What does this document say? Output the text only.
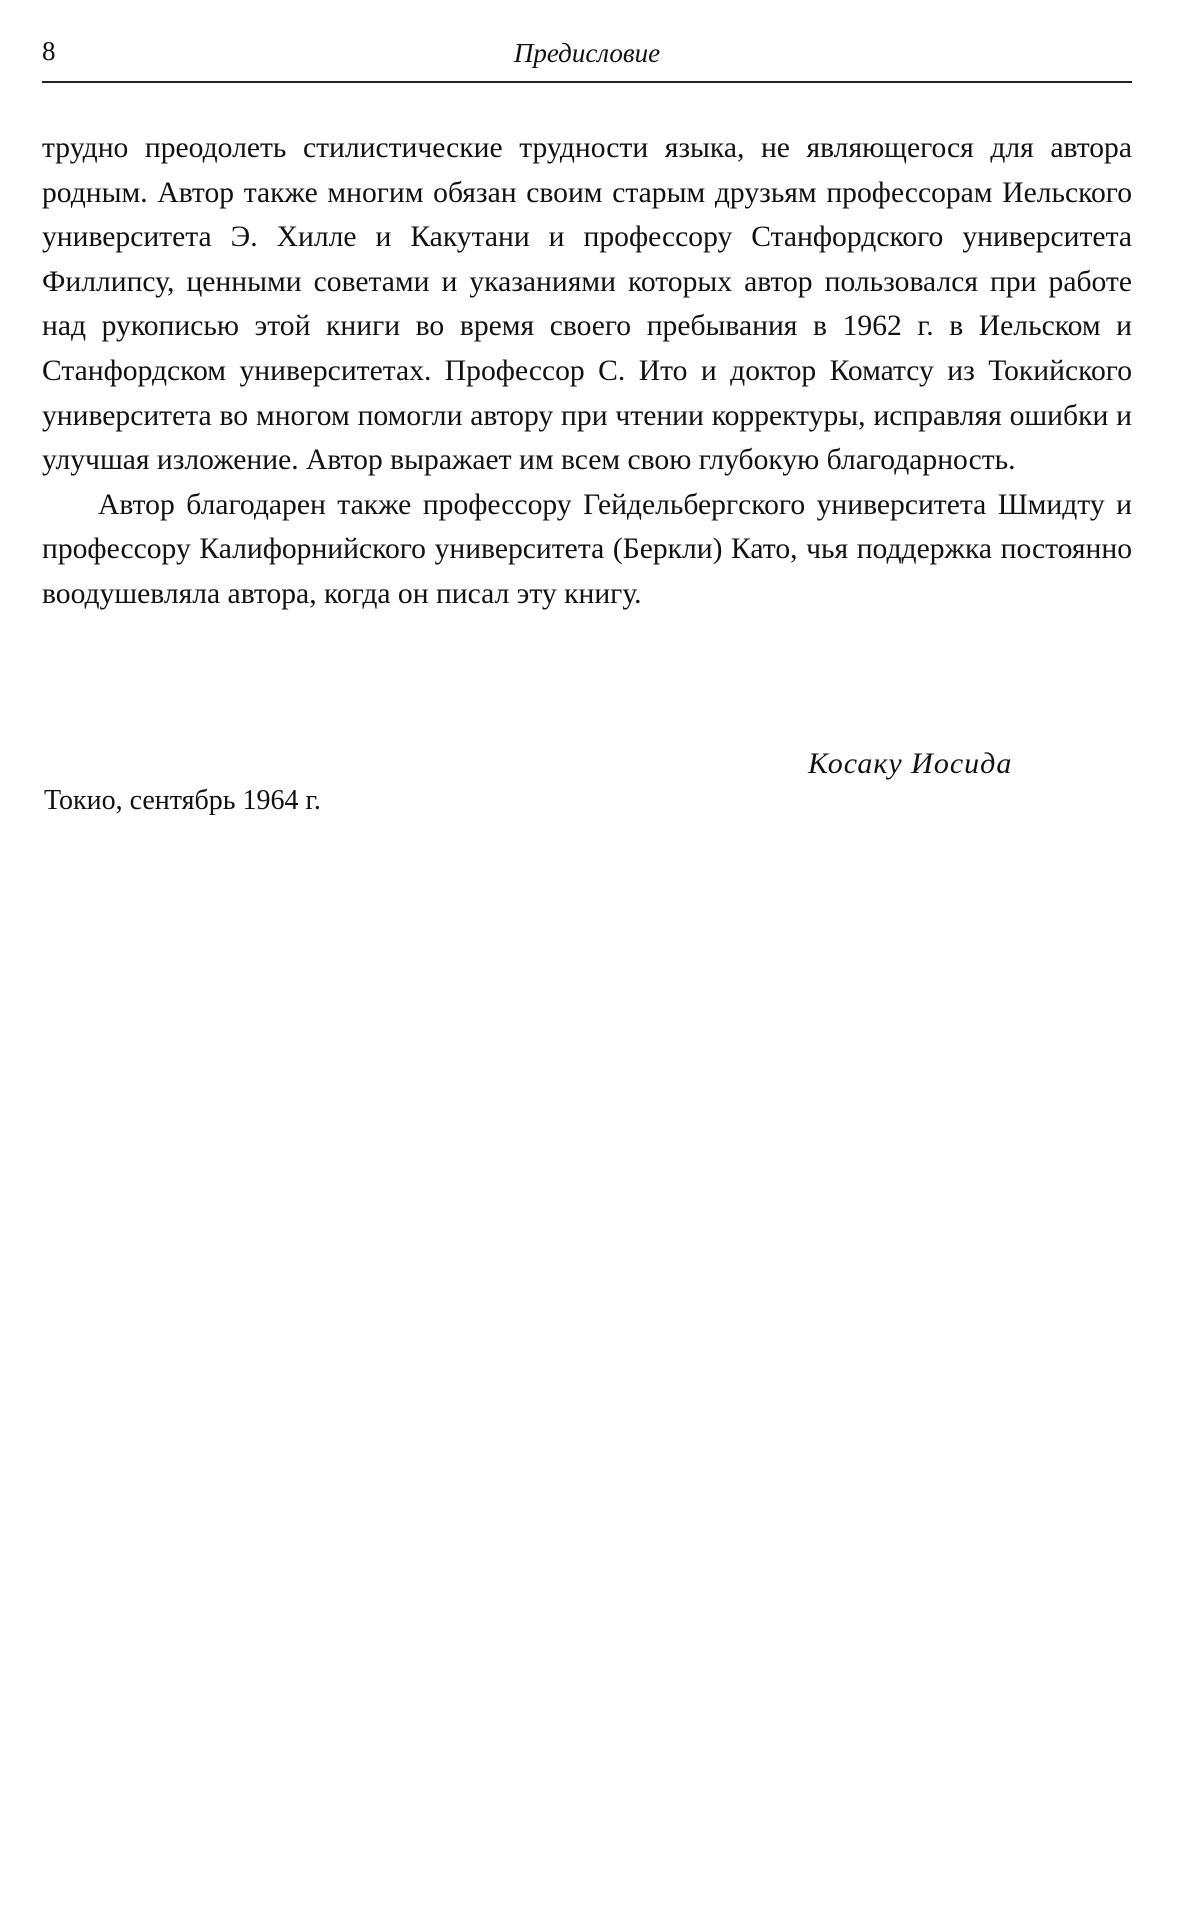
8	Предисловие

трудно преодолеть стилистические трудности языка, не являющегося для автора родным. Автор также многим обязан своим старым друзьям профессорам Иельского университета Э. Хилле и Какутани и профессору Станфордского университета Филлипсу, ценными советами и указаниями которых автор пользовался при работе над рукописью этой книги во время своего пребывания в 1962 г. в Иельском и Станфордском университетах. Профессор С. Ито и доктор Коматсу из Токийского университета во многом помогли автору при чтении корректуры, исправляя ошибки и улучшая изложение. Автор выражает им всем свою глубокую благодарность.

Автор благодарен также профессору Гейдельбергского университета Шмидту и профессору Калифорнийского университета (Беркли) Като, чья поддержка постоянно воодушевляла автора, когда он писал эту книгу.

Косаку Иосида
Токио, сентябрь 1964 г.
